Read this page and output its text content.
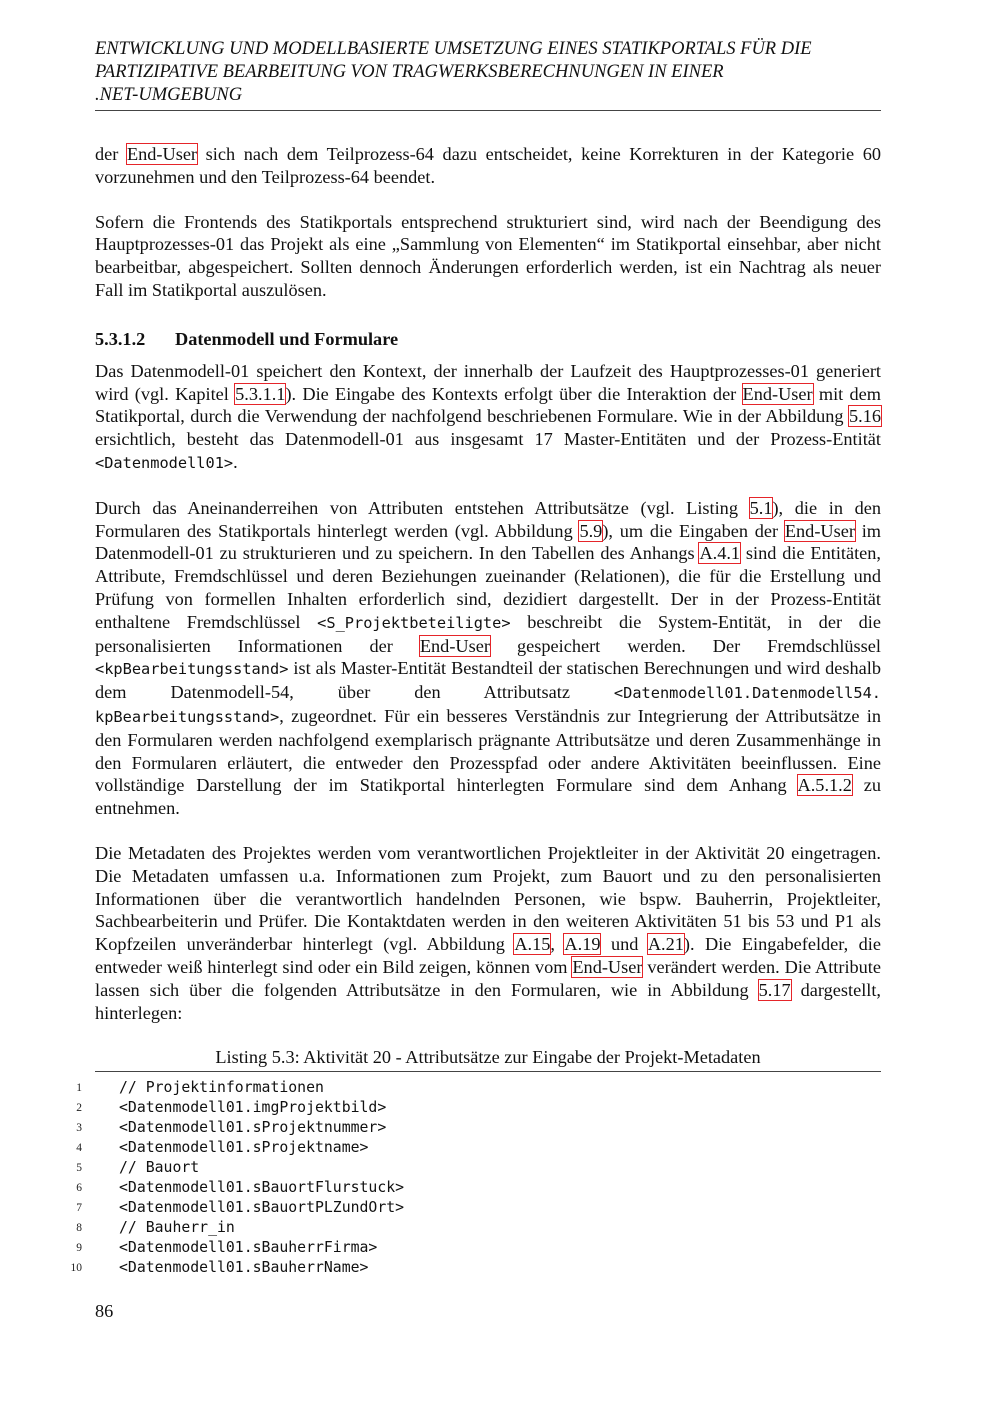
ENTWICKLUNG UND MODELLBASIERTE UMSETZUNG EINES STATIKPORTALS FÜR DIE
PARTIZIPATIVE BEARBEITUNG VON TRAGWERKSBERECHNUNGEN IN EINER
.NET-UMGEBUNG

der End-User sich nach dem Teilprozess-64 dazu entscheidet, keine Korrekturen in der Kategorie 60 vorzunehmen und den Teilprozess-64 beendet.

Sofern die Frontends des Statikportals entsprechend strukturiert sind, wird nach der Beendigung des Hauptprozesses-01 das Projekt als eine „Sammlung von Elementen“ im Statikportal einsehbar, aber nicht bearbeitbar, abgespeichert. Sollten dennoch Änderungen erforderlich werden, ist ein Nachtrag als neuer Fall im Statikportal auszulösen.

5.3.1.2 Datenmodell und Formulare

Das Datenmodell-01 speichert den Kontext, der innerhalb der Laufzeit des Hauptprozesses-01 generiert wird (vgl. Kapitel 5.3.1.1). Die Eingabe des Kontexts erfolgt über die Interaktion der End-User mit dem Statikportal, durch die Verwendung der nachfolgend beschriebenen Formulare. Wie in der Abbildung 5.16 ersichtlich, besteht das Datenmodell-01 aus insgesamt 17 Master-Entitäten und der Prozess-Entität <Datenmodell01>.

Durch das Aneinanderreihen von Attributen entstehen Attributsätze (vgl. Listing 5.1), die in den Formularen des Statikportals hinterlegt werden (vgl. Abbildung 5.9), um die Eingaben der End-User im Datenmodell-01 zu strukturieren und zu speichern. In den Tabellen des Anhangs A.4.1 sind die Entitäten, Attribute, Fremdschlüssel und deren Beziehungen zueinander (Relationen), die für die Erstellung und Prüfung von formellen Inhalten erforderlich sind, dezidiert dargestellt. Der in der Prozess-Entität enthaltene Fremdschlüssel <S_Projektbeteiligte> beschreibt die System-Entität, in der die personalisierten Informationen der End-User gespeichert werden. Der Fremdschlüssel <kpBearbeitungsstand> ist als Master-Entität Bestandteil der statischen Berechnungen und wird deshalb dem Datenmodell-54, über den Attributsatz <Datenmodell01.Datenmodell54. kpBearbeitungsstand>, zugeordnet. Für ein besseres Verständnis zur Integrierung der Attributsätze in den Formularen werden nachfolgend exemplarisch prägnante Attributsätze und deren Zusammenhänge in den Formularen erläutert, die entweder den Prozesspfad oder andere Aktivitäten beeinflussen. Eine vollständige Darstellung der im Statikportal hinterlegten Formulare sind dem Anhang A.5.1.2 zu entnehmen.

Die Metadaten des Projektes werden vom verantwortlichen Projektleiter in der Aktivität 20 eingetragen. Die Metadaten umfassen u.a. Informationen zum Projekt, zum Bauort und zu den personalisierten Informationen über die verantwortlich handelnden Personen, wie bspw. Bauherrin, Projektleiter, Sachbearbeiterin und Prüfer. Die Kontaktdaten werden in den weiteren Aktivitäten 51 bis 53 und P1 als Kopfzeilen unveränderbar hinterlegt (vgl. Abbildung A.15, A.19 und A.21). Die Eingabefelder, die entweder weiß hinterlegt sind oder ein Bild zeigen, können vom End-User verändert werden. Die Attribute lassen sich über die folgenden Attributsätze in den Formularen, wie in Abbildung 5.17 dargestellt, hinterlegen:

Listing 5.3: Aktivität 20 - Attributsätze zur Eingabe der Projekt-Metadaten
1	// Projektinformationen
2	<Datenmodell01.imgProjektbild>
3	<Datenmodell01.sProjektnummer>
4	<Datenmodell01.sProjektname>
5	// Bauort
6	<Datenmodell01.sBauortFlurstuck>
7	<Datenmodell01.sBauortPLZundOrt>
8	// Bauherr_in
9	<Datenmodell01.sBauherrFirma>
10	<Datenmodell01.sBauherrName>
86
